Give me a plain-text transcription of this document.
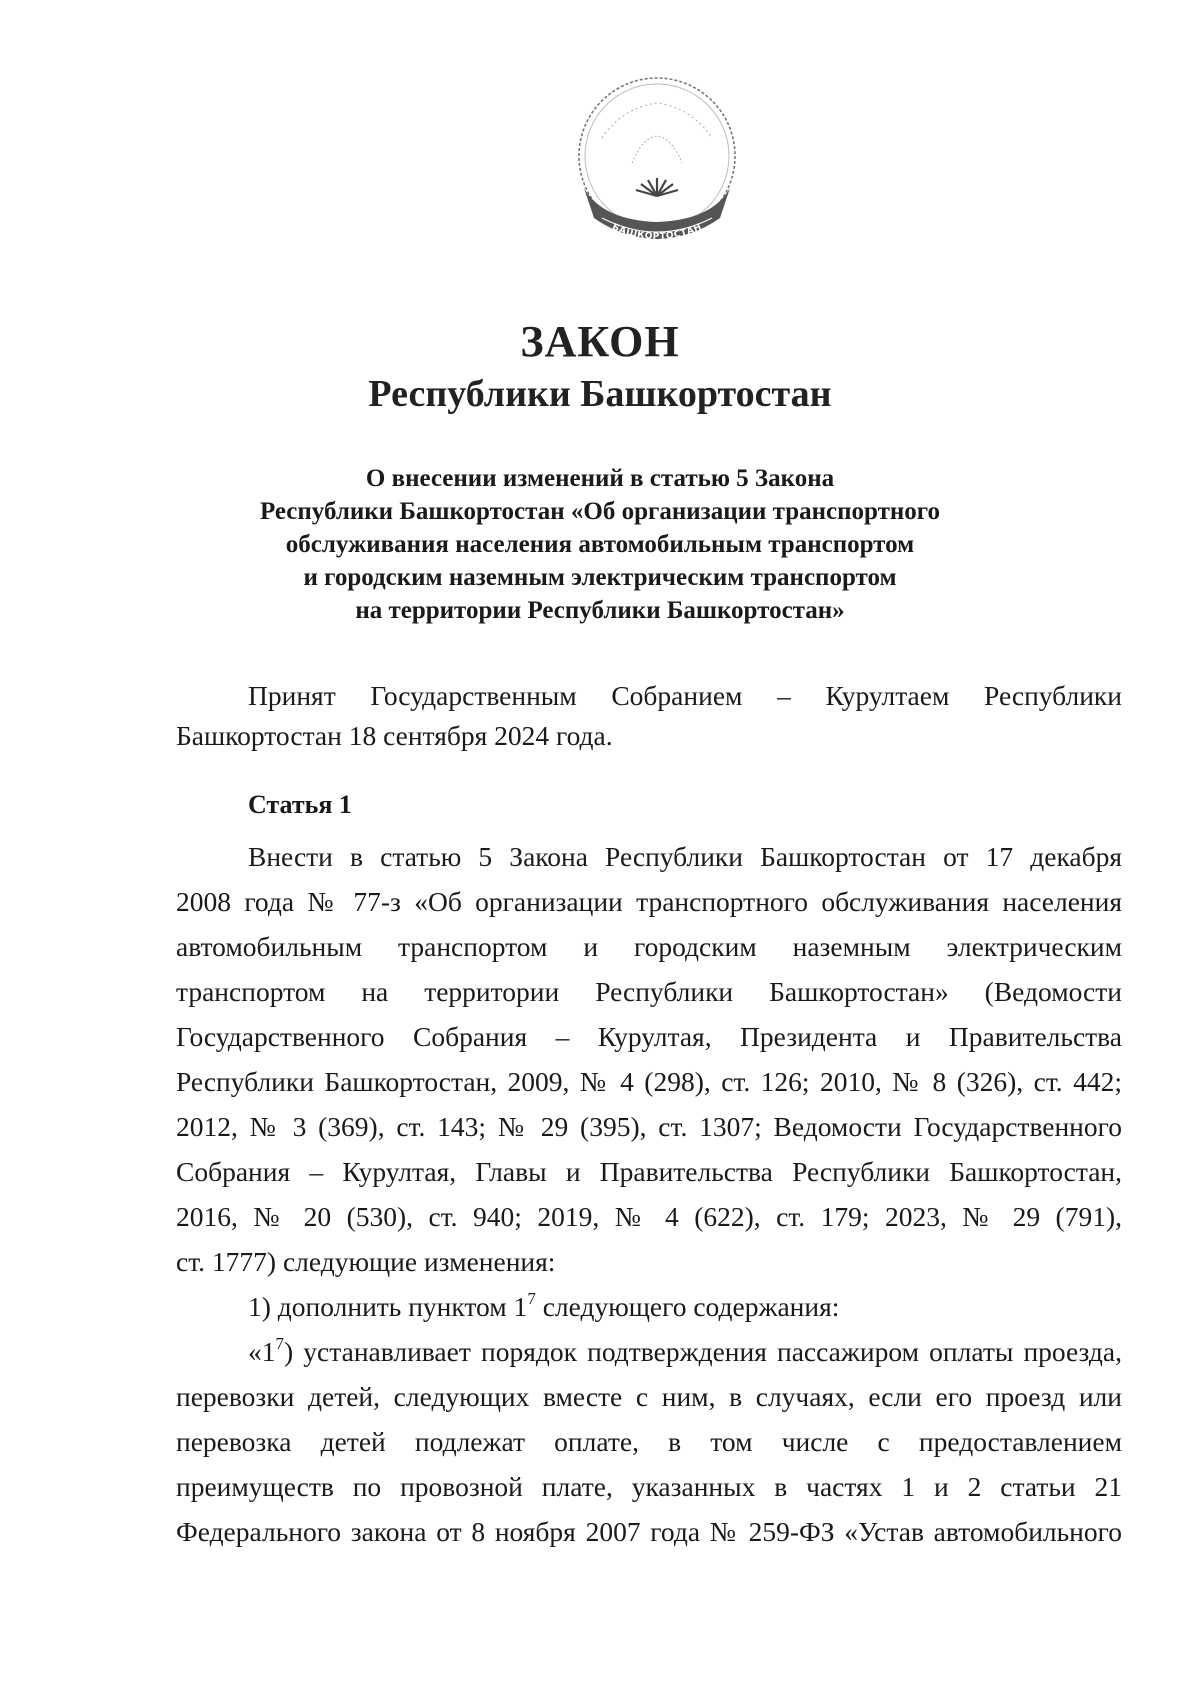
БАШКОРТОСТАН
ЗАКОН
Республики Башкортостан
О внесении изменений в статью 5 Закона
Республики Башкортостан «Об организации транспортного
обслуживания населения автомобильным транспортом
и городским наземным электрическим транспортом
на территории Республики Башкортостан»
Принят Государственным Собранием – Курултаем Республики
Башкортостан 18 сентября 2024 года.
Статья 1
Внести в статью 5 Закона Республики Башкортостан от 17 декабря
2008 года № 77-з «Об организации транспортного обслуживания населения
автомобильным транспортом и городским наземным электрическим
транспортом на территории Республики Башкортостан» (Ведомости
Государственного Собрания – Курултая, Президента и Правительства
Республики Башкортостан, 2009, № 4 (298), ст. 126; 2010, № 8 (326), ст. 442;
2012, № 3 (369), ст. 143; № 29 (395), ст. 1307; Ведомости Государственного
Собрания – Курултая, Главы и Правительства Республики Башкортостан,
2016, № 20 (530), ст. 940; 2019, № 4 (622), ст. 179; 2023, № 29 (791),
ст. 1777) следующие изменения:
1) дополнить пунктом $1^7$ следующего содержания:
«$1^7$) устанавливает порядок подтверждения пассажиром оплаты проезда,
перевозки детей, следующих вместе с ним, в случаях, если его проезд или
перевозка детей подлежат оплате, в том числе с предоставлением
преимуществ по провозной плате, указанных в частях 1 и 2 статьи 21
Федерального закона от 8 ноября 2007 года № 259-ФЗ «Устав автомобильного
